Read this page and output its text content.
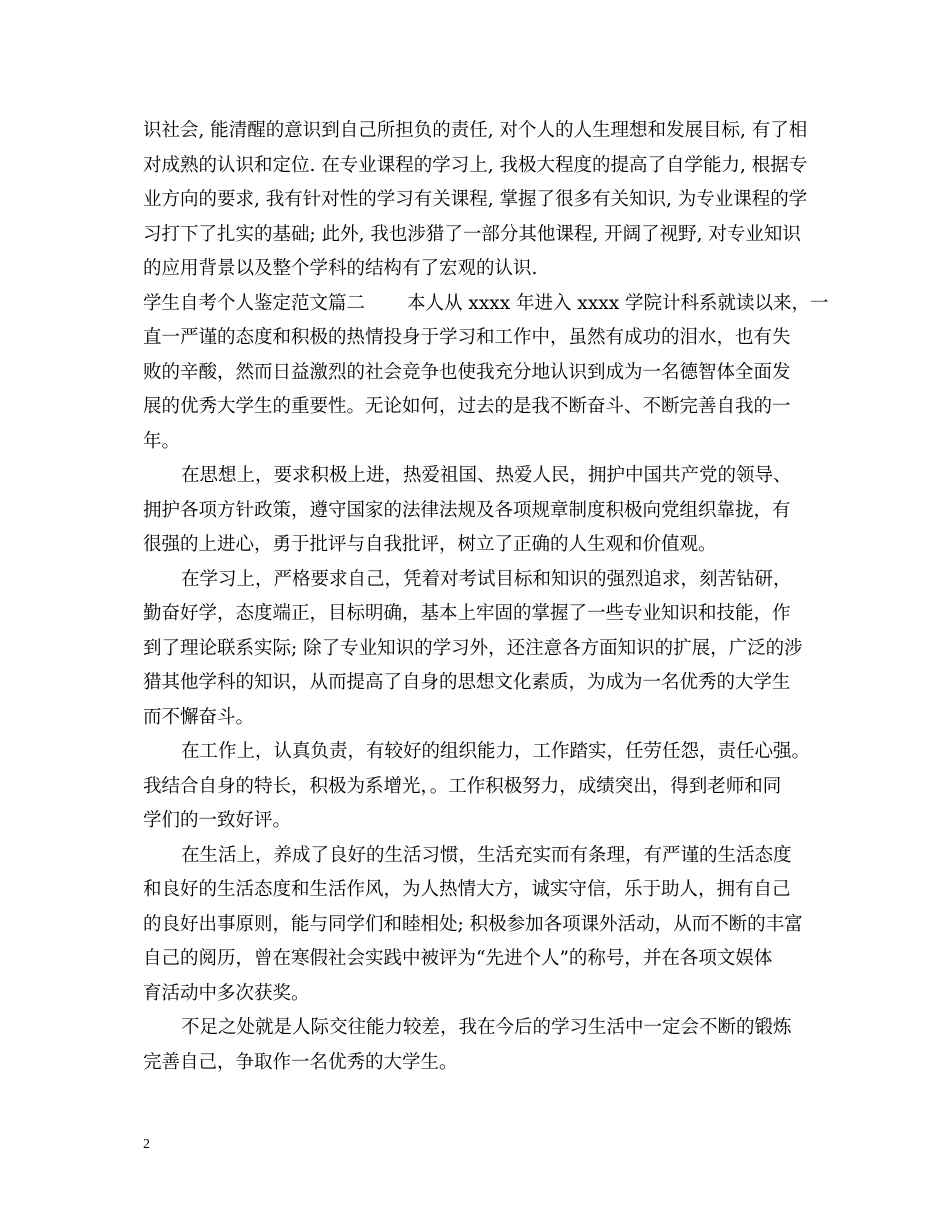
识社会, 能清醒的意识到自己所担负的责任, 对个人的人生理想和发展目标, 有了相
对成熟的认识和定位. 在专业课程的学习上, 我极大程度的提高了自学能力, 根据专
业方向的要求, 我有针对性的学习有关课程, 掌握了很多有关知识, 为专业课程的学
习打下了扎实的基础; 此外, 我也涉猎了一部分其他课程, 开阔了视野, 对专业知识
的应用背景以及整个学科的结构有了宏观的认识.
学生自考个人鉴定范文篇二 本人从 xxxx 年进入 xxxx 学院计科系就读以来，一
直一严谨的态度和积极的热情投身于学习和工作中，虽然有成功的泪水，也有失
败的辛酸，然而日益激烈的社会竞争也使我充分地认识到成为一名德智体全面发
展的优秀大学生的重要性。无论如何，过去的是我不断奋斗、不断完善自我的一
年。
在思想上，要求积极上进，热爱祖国、热爱人民，拥护中国共产党的领导、
拥护各项方针政策，遵守国家的法律法规及各项规章制度积极向党组织靠拢，有
很强的上进心，勇于批评与自我批评，树立了正确的人生观和价值观。
在学习上，严格要求自己，凭着对考试目标和知识的强烈追求，刻苦钻研，
勤奋好学，态度端正，目标明确，基本上牢固的掌握了一些专业知识和技能，作
到了理论联系实际; 除了专业知识的学习外，还注意各方面知识的扩展，广泛的涉
猎其他学科的知识，从而提高了自身的思想文化素质，为成为一名优秀的大学生
而不懈奋斗。
在工作上，认真负责，有较好的组织能力，工作踏实，任劳任怨，责任心强。
我结合自身的特长，积极为系增光，。工作积极努力，成绩突出，得到老师和同
学们的一致好评。
在生活上，养成了良好的生活习惯，生活充实而有条理，有严谨的生活态度
和良好的生活态度和生活作风，为人热情大方，诚实守信，乐于助人，拥有自己
的良好出事原则，能与同学们和睦相处; 积极参加各项课外活动，从而不断的丰富
自己的阅历，曾在寒假社会实践中被评为“先进个人”的称号，并在各项文娱体
育活动中多次获奖。
不足之处就是人际交往能力较差，我在今后的学习生活中一定会不断的锻炼
完善自己，争取作一名优秀的大学生。
2
